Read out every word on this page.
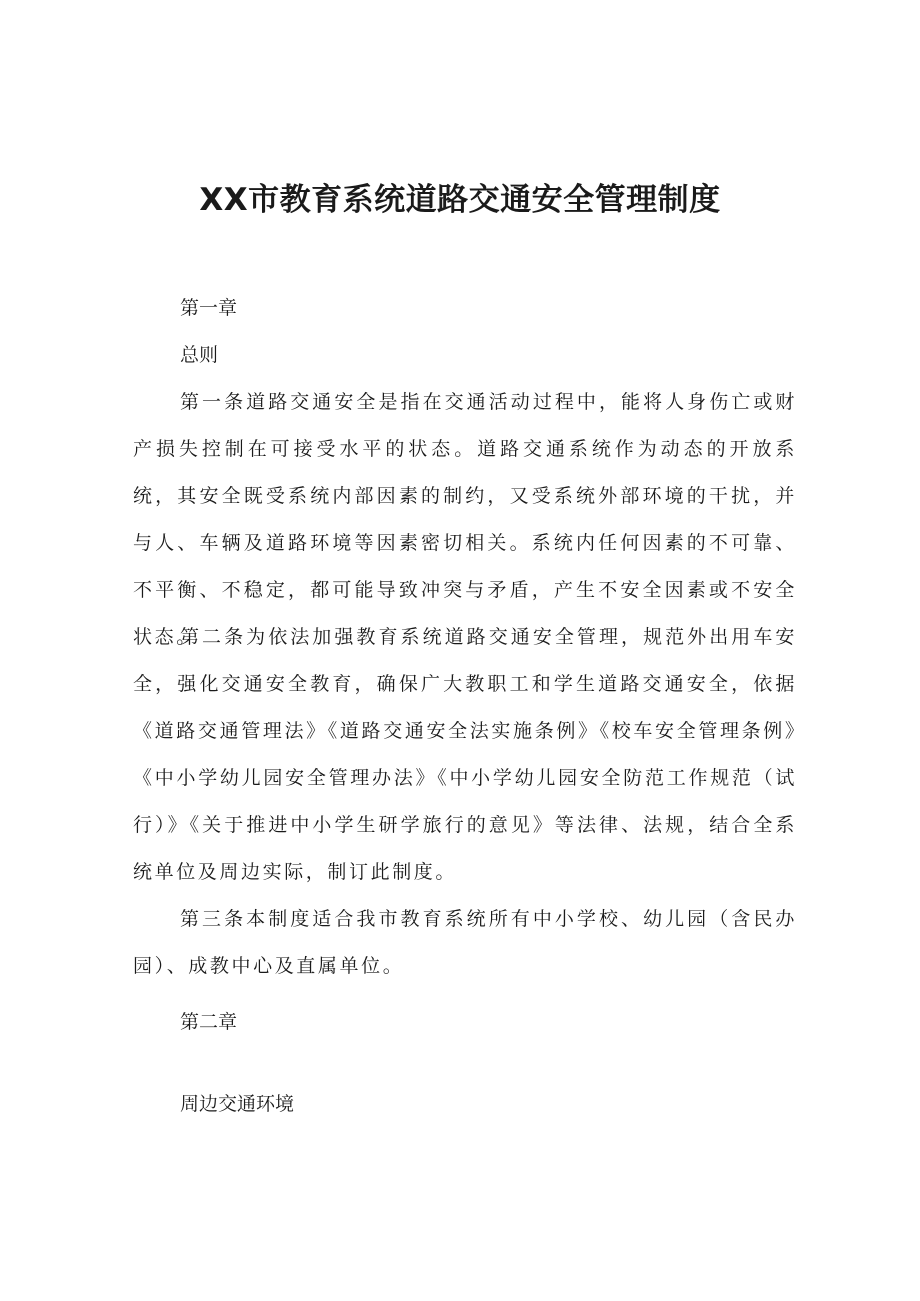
XX市教育系统道路交通安全管理制度
第一章
总则

第一条道路交通安全是指在交通活动过程中，能将人身伤亡或财产损失控制在可接受水平的状态。道路交通系统作为动态的开放系统，其安全既受系统内部因素的制约，又受系统外部环境的干扰，并与人、车辆及道路环境等因素密切相关。系统内任何因素的不可靠、不平衡、不稳定，都可能导致冲突与矛盾，产生不安全因素或不安全状态。

第二条为依法加强教育系统道路交通安全管理，规范外出用车安全，强化交通安全教育，确保广大教职工和学生道路交通安全，依据《道路交通管理法》《道路交通安全法实施条例》《校车安全管理条例》《中小学幼儿园安全管理办法》《中小学幼儿园安全防范工作规范（试行）》《关于推进中小学生研学旅行的意见》等法律、法规，结合全系统单位及周边实际，制订此制度。

第三条本制度适合我市教育系统所有中小学校、幼儿园（含民办园）、成教中心及直属单位。

第二章
周边交通环境
